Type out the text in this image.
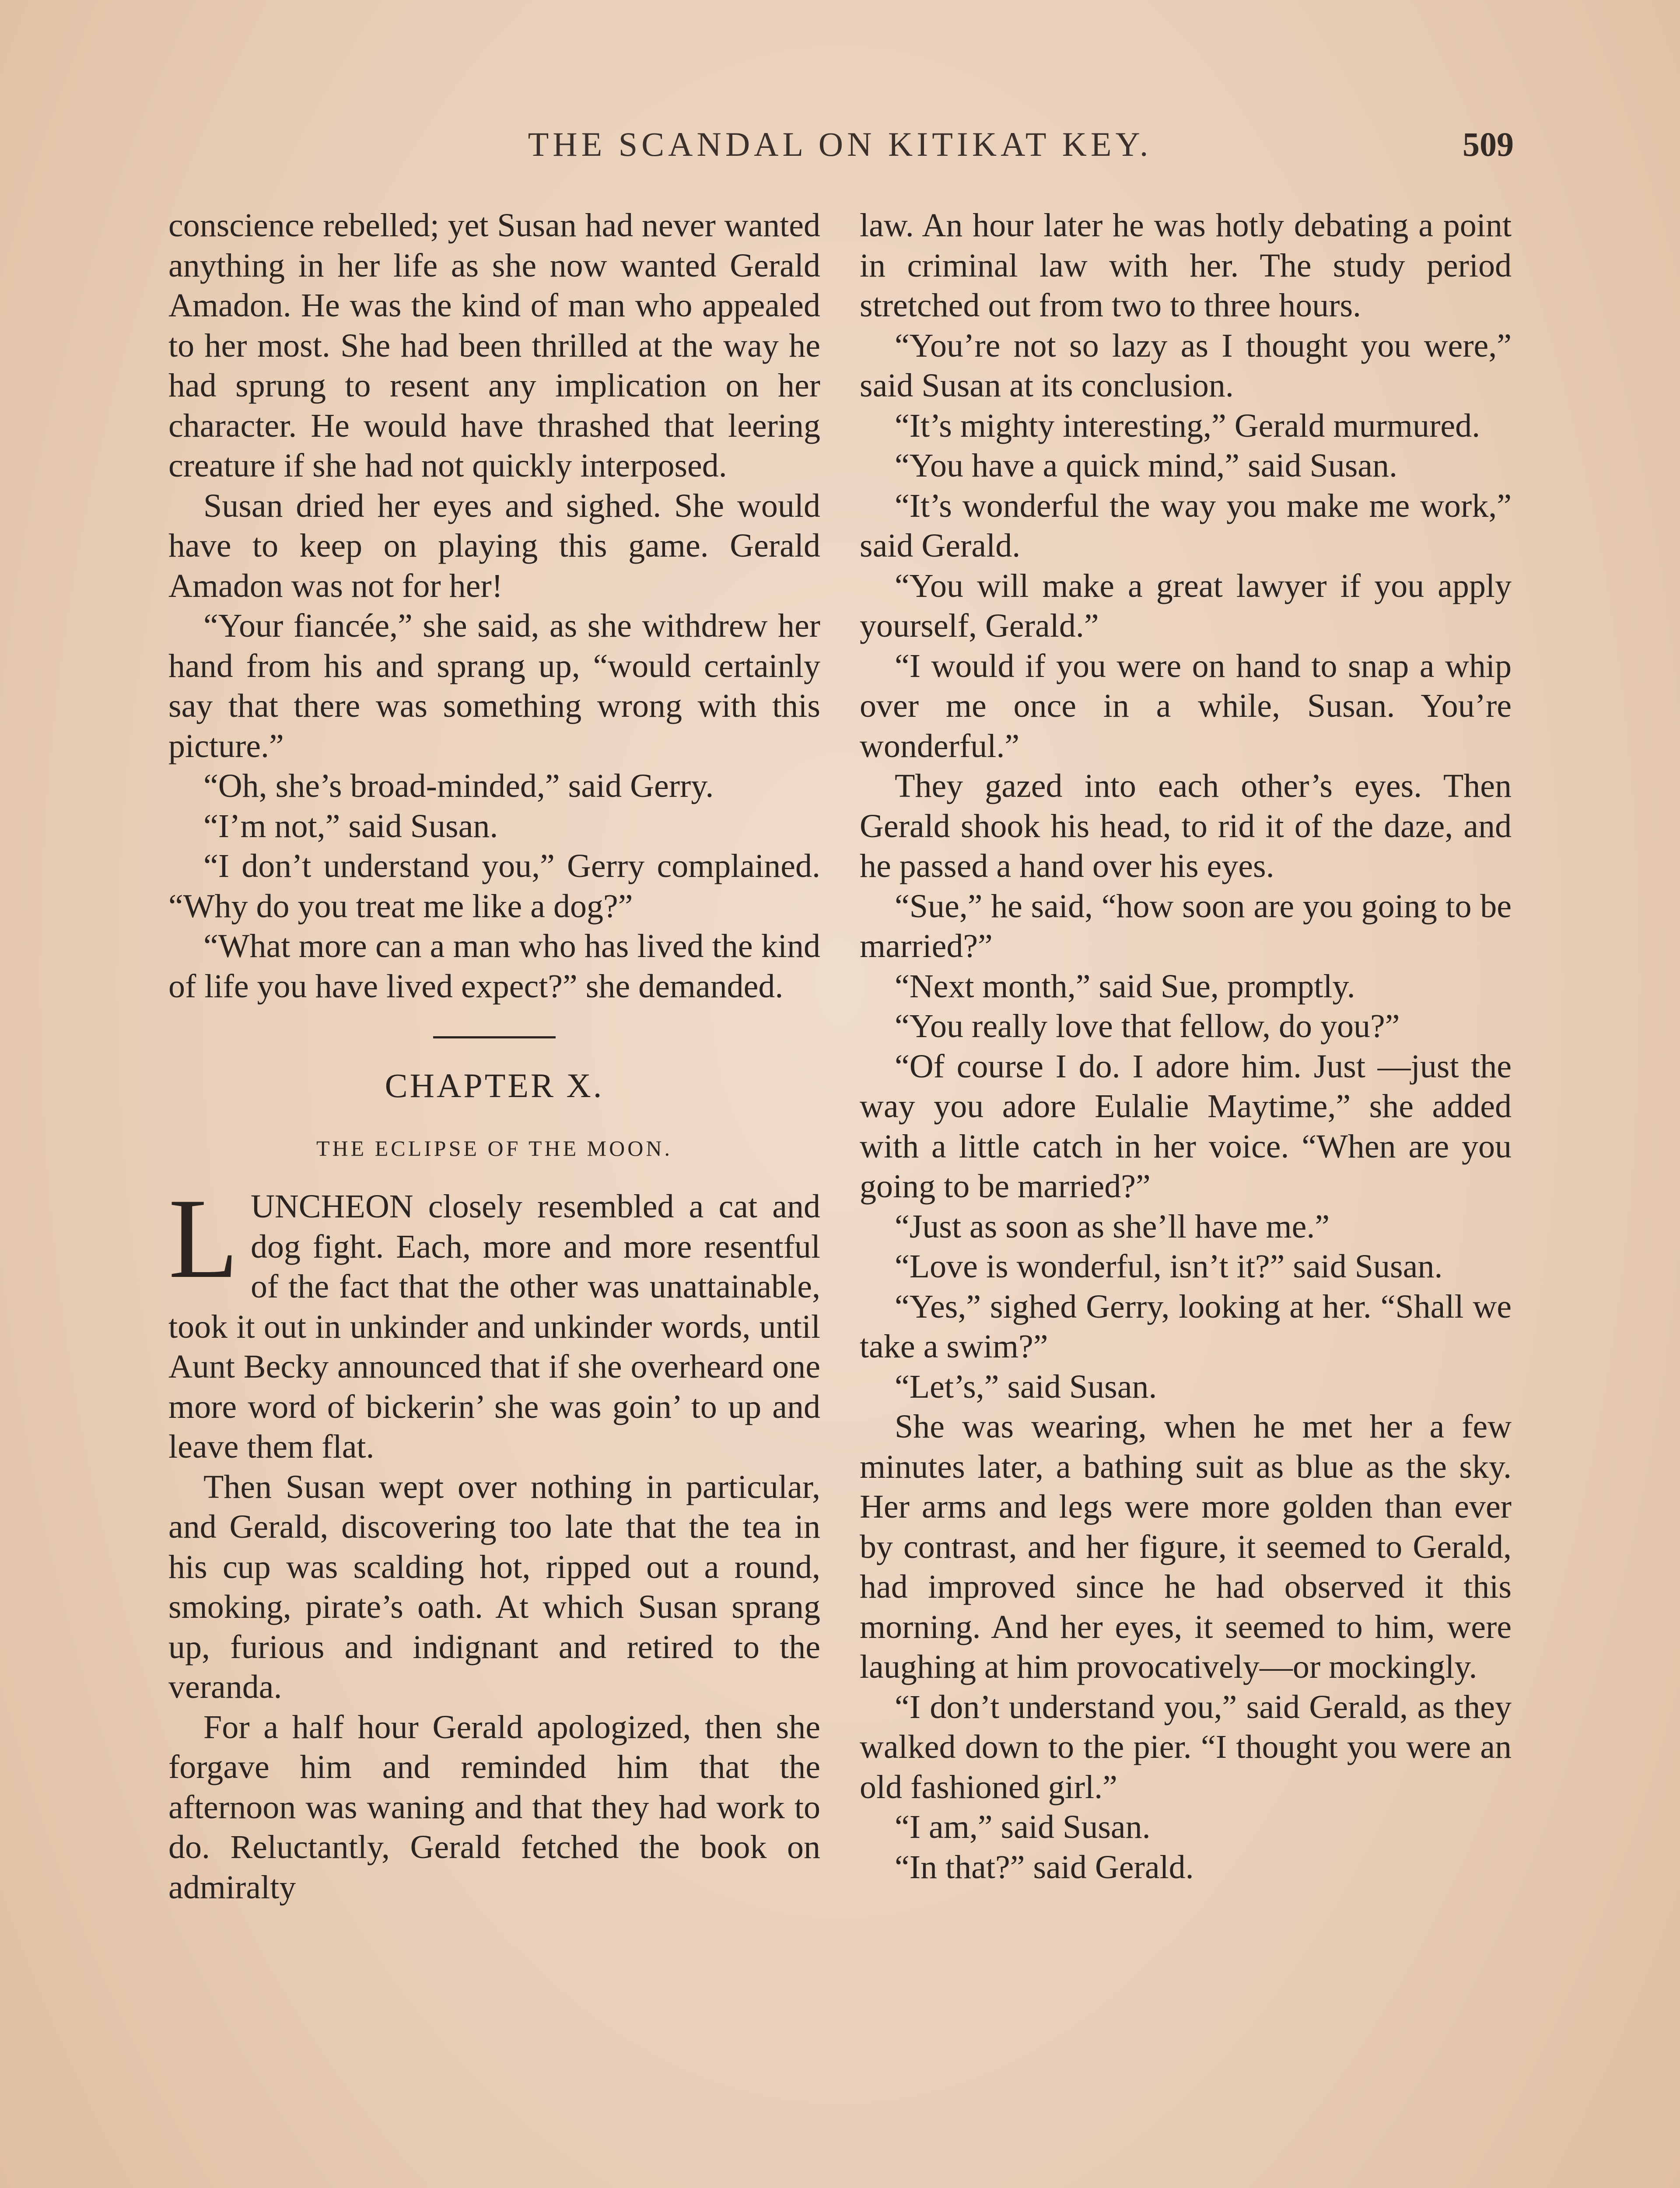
THE SCANDAL ON KITIKAT KEY.	509

conscience rebelled; yet Susan had never wanted anything in her life as she now wanted Gerald Amadon. He was the kind of man who appealed to her most. She had been thrilled at the way he had sprung to resent any implication on her character. He would have thrashed that leering creature if she had not quickly interposed.

Susan dried her eyes and sighed. She would have to keep on playing this game. Gerald Amadon was not for her!

“Your fiancée,” she said, as she withdrew her hand from his and sprang up, “would certainly say that there was something wrong with this picture.”

“Oh, she’s broad-minded,” said Gerry.

“I’m not,” said Susan.

“I don’t understand you,” Gerry complained. “Why do you treat me like a dog?”

“What more can a man who has lived the kind of life you have lived expect?” she demanded.

CHAPTER X.
THE ECLIPSE OF THE MOON.

LUNCHEON closely resembled a cat and dog fight. Each, more and more resentful of the fact that the other was unattainable, took it out in unkinder and unkinder words, until Aunt Becky announced that if she overheard one more word of bickerin’ she was goin’ to up and leave them flat.

Then Susan wept over nothing in particular, and Gerald, discovering too late that the tea in his cup was scalding hot, ripped out a round, smoking, pirate’s oath. At which Susan sprang up, furious and indignant and retired to the veranda.

For a half hour Gerald apologized, then she forgave him and reminded him that the afternoon was waning and that they had work to do. Reluctantly, Gerald fetched the book on admiralty

law. An hour later he was hotly debating a point in criminal law with her. The study period stretched out from two to three hours.

“You’re not so lazy as I thought you were,” said Susan at its conclusion.

“It’s mighty interesting,” Gerald murmured.

“You have a quick mind,” said Susan.

“It’s wonderful the way you make me work,” said Gerald.

“You will make a great lawyer if you apply yourself, Gerald.”

“I would if you were on hand to snap a whip over me once in a while, Susan. You’re wonderful.”

They gazed into each other’s eyes. Then Gerald shook his head, to rid it of the daze, and he passed a hand over his eyes.

“Sue,” he said, “how soon are you going to be married?”

“Next month,” said Sue, promptly.

“You really love that fellow, do you?”

“Of course I do. I adore him. Just —just the way you adore Eulalie Maytime,” she added with a little catch in her voice. “When are you going to be married?”

“Just as soon as she’ll have me.”

“Love is wonderful, isn’t it?” said Susan.

“Yes,” sighed Gerry, looking at her. “Shall we take a swim?”

“Let’s,” said Susan.

She was wearing, when he met her a few minutes later, a bathing suit as blue as the sky. Her arms and legs were more golden than ever by contrast, and her figure, it seemed to Gerald, had improved since he had observed it this morning. And her eyes, it seemed to him, were laughing at him provocatively—or mockingly.

“I don’t understand you,” said Gerald, as they walked down to the pier. “I thought you were an old fashioned girl.”

“I am,” said Susan.

“In that?” said Gerald.
